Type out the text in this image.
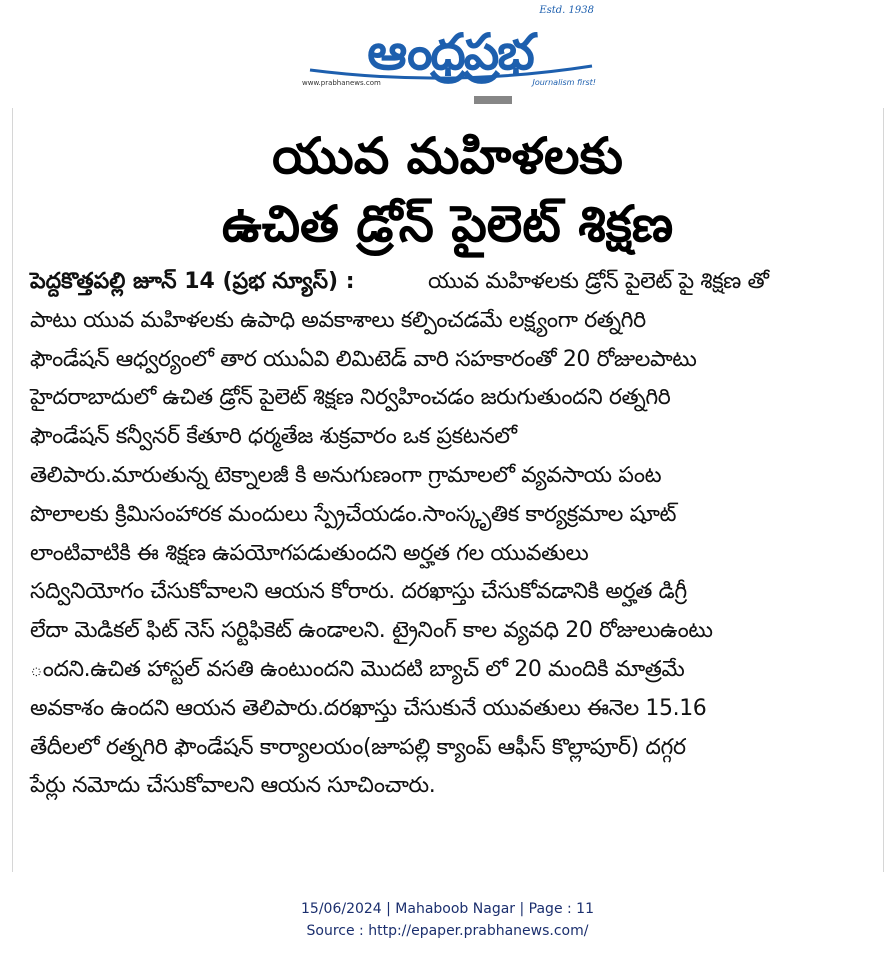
ఆంధ్రప్రభ
Estd. 1938
www.prabhanews.com	Journalism first!
యువ మహిళలకు
ఉచిత డ్రోన్ పైలెట్ శిక్షణ
పెద్దకొత్తపల్లి జూన్ 14 (ప్రభ న్యూస్) :	యువ మహిళలకు డ్రోన్ పైలెట్ పై శిక్షణ తో
పాటు యువ మహిళలకు ఉపాధి అవకాశాలు కల్పించడమే లక్ష్యంగా రత్నగిరి
ఫౌండేషన్ ఆధ్వర్యంలో తార యుఏవి లిమిటెడ్ వారి సహకారంతో 20 రోజులపాటు
హైదరాబాదులో ఉచిత డ్రోన్ పైలెట్ శిక్షణ నిర్వహించడం జరుగుతుందని రత్నగిరి
ఫౌండేషన్ కన్వీనర్ కేతూరి ధర్మతేజ శుక్రవారం ఒక ప్రకటనలో
తెలిపారు.మారుతున్న టెక్నాలజీ కి అనుగుణంగా గ్రామాలలో వ్యవసాయ పంట
పొలాలకు క్రిమిసంహారక మందులు స్ప్రేచేయడం.సాంస్కృతిక కార్యక్రమాల షూట్
లాంటివాటికి ఈ శిక్షణ ఉపయోగపడుతుందని అర్హత గల యువతులు
సద్వినియోగం చేసుకోవాలని ఆయన కోరారు. దరఖాస్తు చేసుకోవడానికి అర్హత డిగ్రీ
లేదా మెడికల్ ఫిట్ నెస్ సర్టిఫికెట్ ఉండాలని. ట్రైనింగ్ కాల వ్యవధి 20 రోజులుఉంటు
ందని.ఉచిత హాస్టల్ వసతి ఉంటుందని మొదటి బ్యాచ్ లో 20 మందికి మాత్రమే
అవకాశం ఉందని ఆయన తెలిపారు.దరఖాస్తు చేసుకునే యువతులు ఈనెల 15.16
తేదీలలో రత్నగిరి ఫౌండేషన్ కార్యాలయం(జూపల్లి క్యాంప్ ఆఫీస్ కొల్లాపూర్) దగ్గర
పేర్లు నమోదు చేసుకోవాలని ఆయన సూచించారు.
15/06/2024 | Mahaboob Nagar | Page : 11
Source : http://epaper.prabhanews.com/
